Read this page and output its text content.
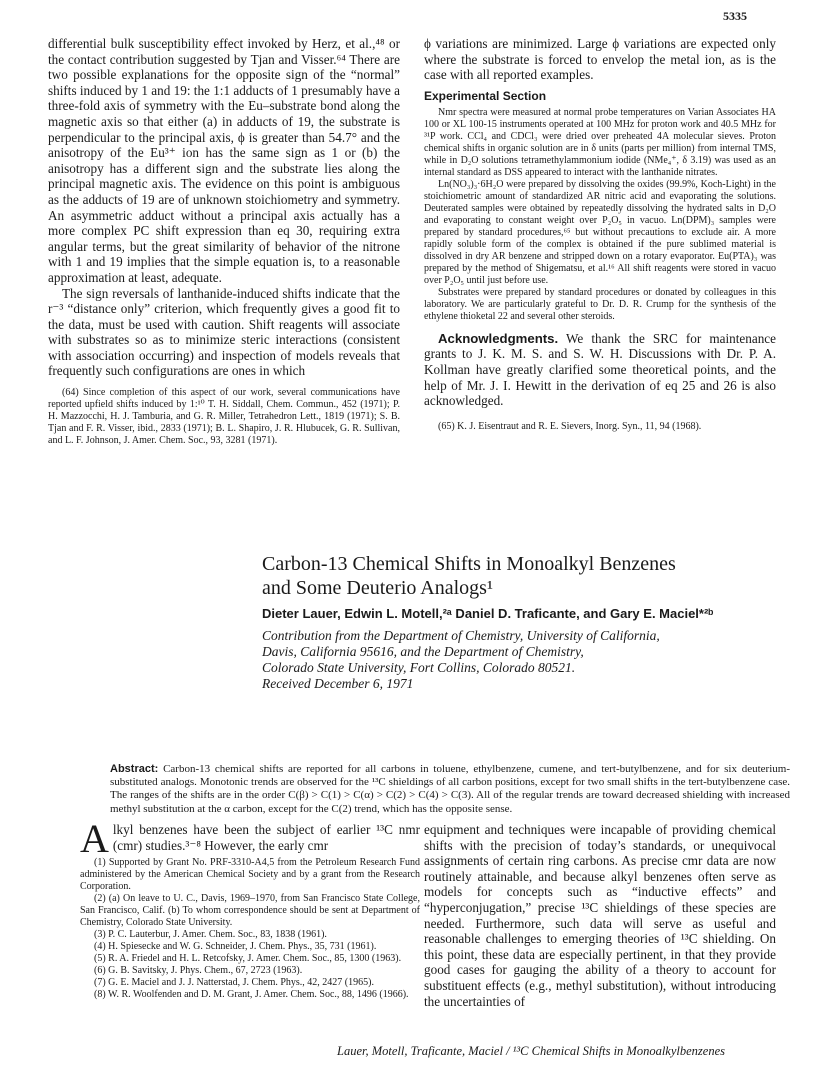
5335

differential bulk susceptibility effect invoked by Herz, et al.,⁴⁸ or the contact contribution suggested by Tjan and Visser.⁶⁴ There are two possible explanations for the opposite sign of the “normal” shifts induced by 1 and 19: the 1:1 adducts of 1 presumably have a three-fold axis of symmetry with the Eu–substrate bond along the magnetic axis so that either (a) in adducts of 19, the substrate is perpendicular to the principal axis, ϕ is greater than 54.7° and the anisotropy of the Eu³⁺ ion has the same sign as 1 or (b) the anisotropy has a different sign and the substrate lies along the principal magnetic axis. The evidence on this point is ambiguous as the adducts of 19 are of unknown stoichiometry and symmetry. An asymmetric adduct without a principal axis actually has a more complex PC shift expression than eq 30, requiring extra angular terms, but the great similarity of behavior of the nitrone with 1 and 19 implies that the simple equation is, to a reasonable approximation at least, adequate.

The sign reversals of lanthanide-induced shifts indicate that the r⁻³ “distance only” criterion, which frequently gives a good fit to the data, must be used with caution. Shift reagents will associate with substrates so as to minimize steric interactions (consistent with association occurring) and inspection of models reveals that frequently such configurations are ones in which

(64) Since completion of this aspect of our work, several communications have reported upfield shifts induced by 1:¹⁰ T. H. Siddall, Chem. Commun., 452 (1971); P. H. Mazzocchi, H. J. Tamburia, and G. R. Miller, Tetrahedron Lett., 1819 (1971); S. B. Tjan and F. R. Visser, ibid., 2833 (1971); B. L. Shapiro, J. R. Hlubucek, G. R. Sullivan, and L. F. Johnson, J. Amer. Chem. Soc., 93, 3281 (1971).

ϕ variations are minimized. Large ϕ variations are expected only where the substrate is forced to envelop the metal ion, as is the case with all reported examples.

Experimental Section

Nmr spectra were measured at normal probe temperatures on Varian Associates HA 100 or XL 100-15 instruments operated at 100 MHz for proton work and 40.5 MHz for ³¹P work. CCl₄ and CDCl₃ were dried over preheated 4A molecular sieves. Proton chemical shifts in organic solution are in δ units (parts per million) from internal TMS, while in D₂O solutions tetramethylammonium iodide (NMe₄⁺, δ 3.19) was used as an internal standard as DSS appeared to interact with the lanthanide nitrates.

Ln(NO₃)₃·6H₂O were prepared by dissolving the oxides (99.9%, Koch-Light) in the stoichiometric amount of standardized AR nitric acid and evaporating the solutions. Deuterated samples were obtained by repeatedly dissolving the hydrated salts in D₂O and evaporating to constant weight over P₂O₅ in vacuo. Ln(DPM)₃ samples were prepared by standard procedures,⁶⁵ but without precautions to exclude air. A more rapidly soluble form of the complex is obtained if the pure sublimed material is dissolved in dry AR benzene and stripped down on a rotary evaporator. Eu(PTA)₃ was prepared by the method of Shigematsu, et al.¹⁶ All shift reagents were stored in vacuo over P₂O₅ until just before use.

Substrates were prepared by standard procedures or donated by colleagues in this laboratory. We are particularly grateful to Dr. D. R. Crump for the synthesis of the ethylene thioketal 22 and several other steroids.

Acknowledgments. We thank the SRC for maintenance grants to J. K. M. S. and S. W. H. Discussions with Dr. P. A. Kollman have greatly clarified some theoretical points, and the help of Mr. J. I. Hewitt in the derivation of eq 25 and 26 is also acknowledged.

(65) K. J. Eisentraut and R. E. Sievers, Inorg. Syn., 11, 94 (1968).

Carbon-13 Chemical Shifts in Monoalkyl Benzenes
and Some Deuterio Analogs¹
Dieter Lauer, Edwin L. Motell,²ᵃ Daniel D. Traficante, and Gary E. Maciel*²ᵇ
Contribution from the Department of Chemistry, University of California,
Davis, California 95616, and the Department of Chemistry,
Colorado State University, Fort Collins, Colorado 80521.
Received December 6, 1971
Abstract: Carbon-13 chemical shifts are reported for all carbons in toluene, ethylbenzene, cumene, and tert-butylbenzene, and for six deuterium-substituted analogs. Monotonic trends are observed for the ¹³C shieldings of all carbon positions, except for two small shifts in the tert-butylbenzene case. The ranges of the shifts are in the order C(β) > C(1) > C(α) > C(2) > C(4) > C(3). All of the regular trends are toward decreased shielding with increased methyl substitution at the α carbon, except for the C(2) trend, which has the opposite sense.

Alkyl benzenes have been the subject of earlier ¹³C nmr (cmr) studies.³⁻⁸ However, the early cmr

(1) Supported by Grant No. PRF-3310-A4,5 from the Petroleum Research Fund administered by the American Chemical Society and by a grant from the Research Corporation.

(2) (a) On leave to U. C., Davis, 1969–1970, from San Francisco State College, San Francisco, Calif. (b) To whom correspondence should be sent at Department of Chemistry, Colorado State University.

(3) P. C. Lauterbur, J. Amer. Chem. Soc., 83, 1838 (1961).

(4) H. Spiesecke and W. G. Schneider, J. Chem. Phys., 35, 731 (1961).

(5) R. A. Friedel and H. L. Retcofsky, J. Amer. Chem. Soc., 85, 1300 (1963).

(6) G. B. Savitsky, J. Phys. Chem., 67, 2723 (1963).

(7) G. E. Maciel and J. J. Natterstad, J. Chem. Phys., 42, 2427 (1965).

(8) W. R. Woolfenden and D. M. Grant, J. Amer. Chem. Soc., 88, 1496 (1966).

equipment and techniques were incapable of providing chemical shifts with the precision of today’s standards, or unequivocal assignments of certain ring carbons. As precise cmr data are now routinely attainable, and because alkyl benzenes often serve as models for concepts such as “inductive effects” and “hyperconjugation,” precise ¹³C shieldings of these species are needed. Furthermore, such data will serve as useful and reasonable challenges to emerging theories of ¹³C shielding. On this point, these data are especially pertinent, in that they provide good cases for gauging the ability of a theory to account for substituent effects (e.g., methyl substitution), without introducing the uncertainties of

Lauer, Motell, Traficante, Maciel / ¹³C Chemical Shifts in Monoalkylbenzenes
